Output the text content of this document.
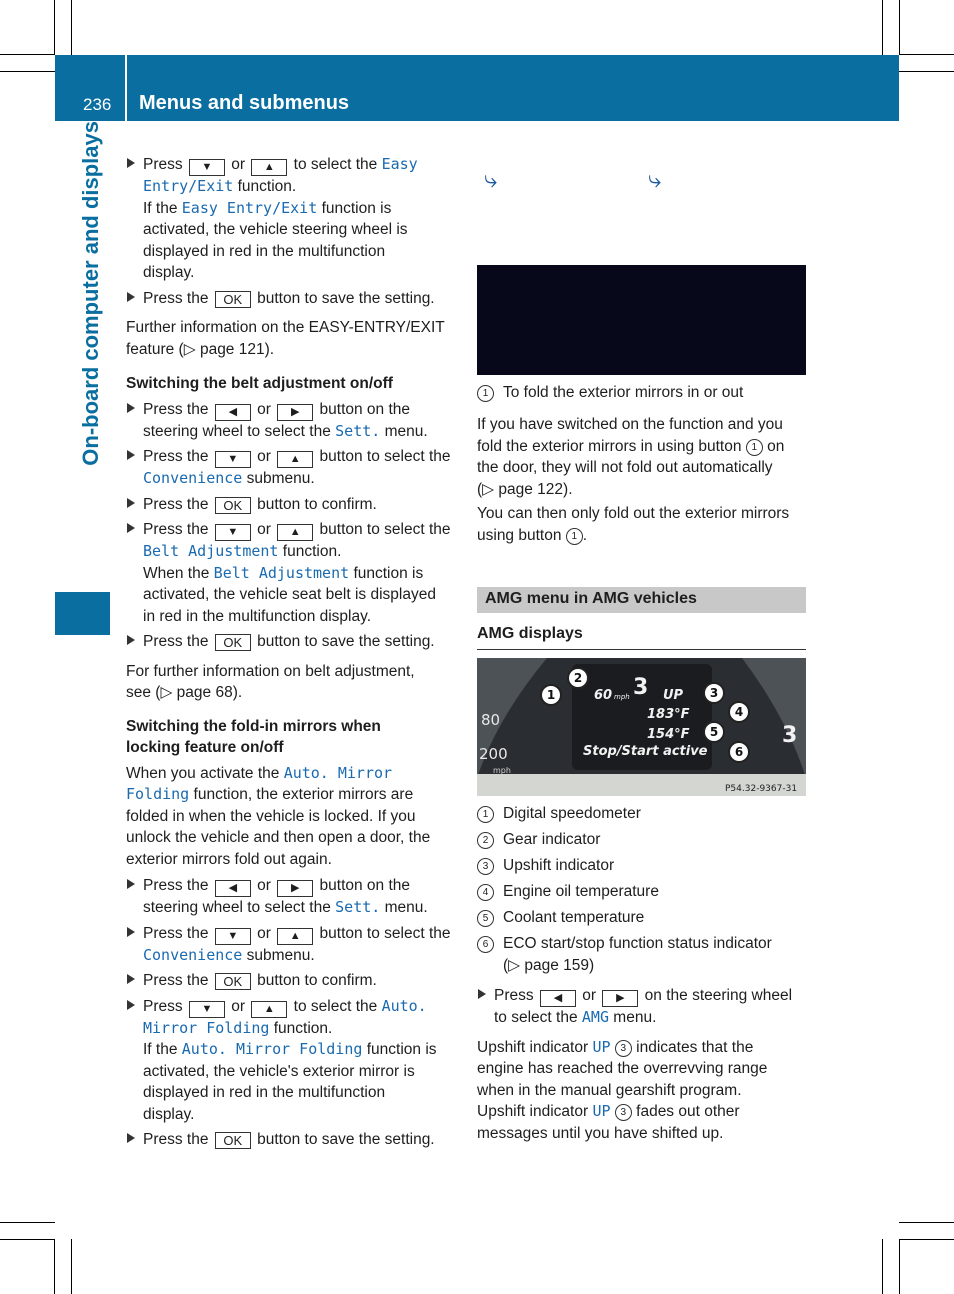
236 Menus and submenus
On-board computer and displays	Press ▼ or ▲ to select the Easy
Entry/Exit function.
If the Easy Entry/Exit function is
activated, the vehicle steering wheel is
displayed in red in the multifunction
display.
Press the OK button to save the setting.

Further information on the EASY-ENTRY/EXIT
feature (▷ page 121).

Switching the belt adjustment on/off
Press the ◀ or ▶ button on the
steering wheel to select the Sett. menu.
Press the ▼ or ▲ button to select the
Convenience submenu.
Press the OK button to confirm.
Press the ▼ or ▲ button to select the
Belt Adjustment function.
When the Belt Adjustment function is
activated, the vehicle seat belt is displayed
in red in the multifunction display.
Press the OK button to save the setting.

For further information on belt adjustment,
see (▷ page 68).

Switching the fold-in mirrors when
locking feature on/off

When you activate the Auto. Mirror
Folding function, the exterior mirrors are
folded in when the vehicle is locked. If you
unlock the vehicle and then open a door, the
exterior mirrors fold out again.

Press the ◀ or ▶ button on the
steering wheel to select the Sett. menu.
Press the ▼ or ▲ button to select the
Convenience submenu.
Press the OK button to confirm.
Press ▼ or ▲ to select the Auto.
Mirror Folding function.
If the Auto. Mirror Folding function is
activated, the vehicle's exterior mirror is
displayed in red in the multifunction
display.
Press the OK button to save the setting.
⤷	⤷
1 To fold the exterior mirrors in or out

If you have switched on the function and you
fold the exterior mirrors in using button 1 on
the door, they will not fold out automatically
(▷ page 122).

You can then only fold out the exterior mirrors
using button 1 .

AMG menu in AMG vehicles
AMG displays
80
200
mph
60 mph 3 UP
183°F
154°F
Stop/Start active
3
P54.32-9367-31
1
2
3
4
5
6
1 Digital speedometer
2 Gear indicator
3 Upshift indicator
4 Engine oil temperature
5 Coolant temperature
6 ECO start/stop function status indicator
(▷ page 159)
Press ◀ or ▶ on the steering wheel
to select the AMG menu.

Upshift indicator UP 3 indicates that the
engine has reached the overrevving range
when in the manual gearshift program.
Upshift indicator UP 3 fades out other
messages until you have shifted up.
